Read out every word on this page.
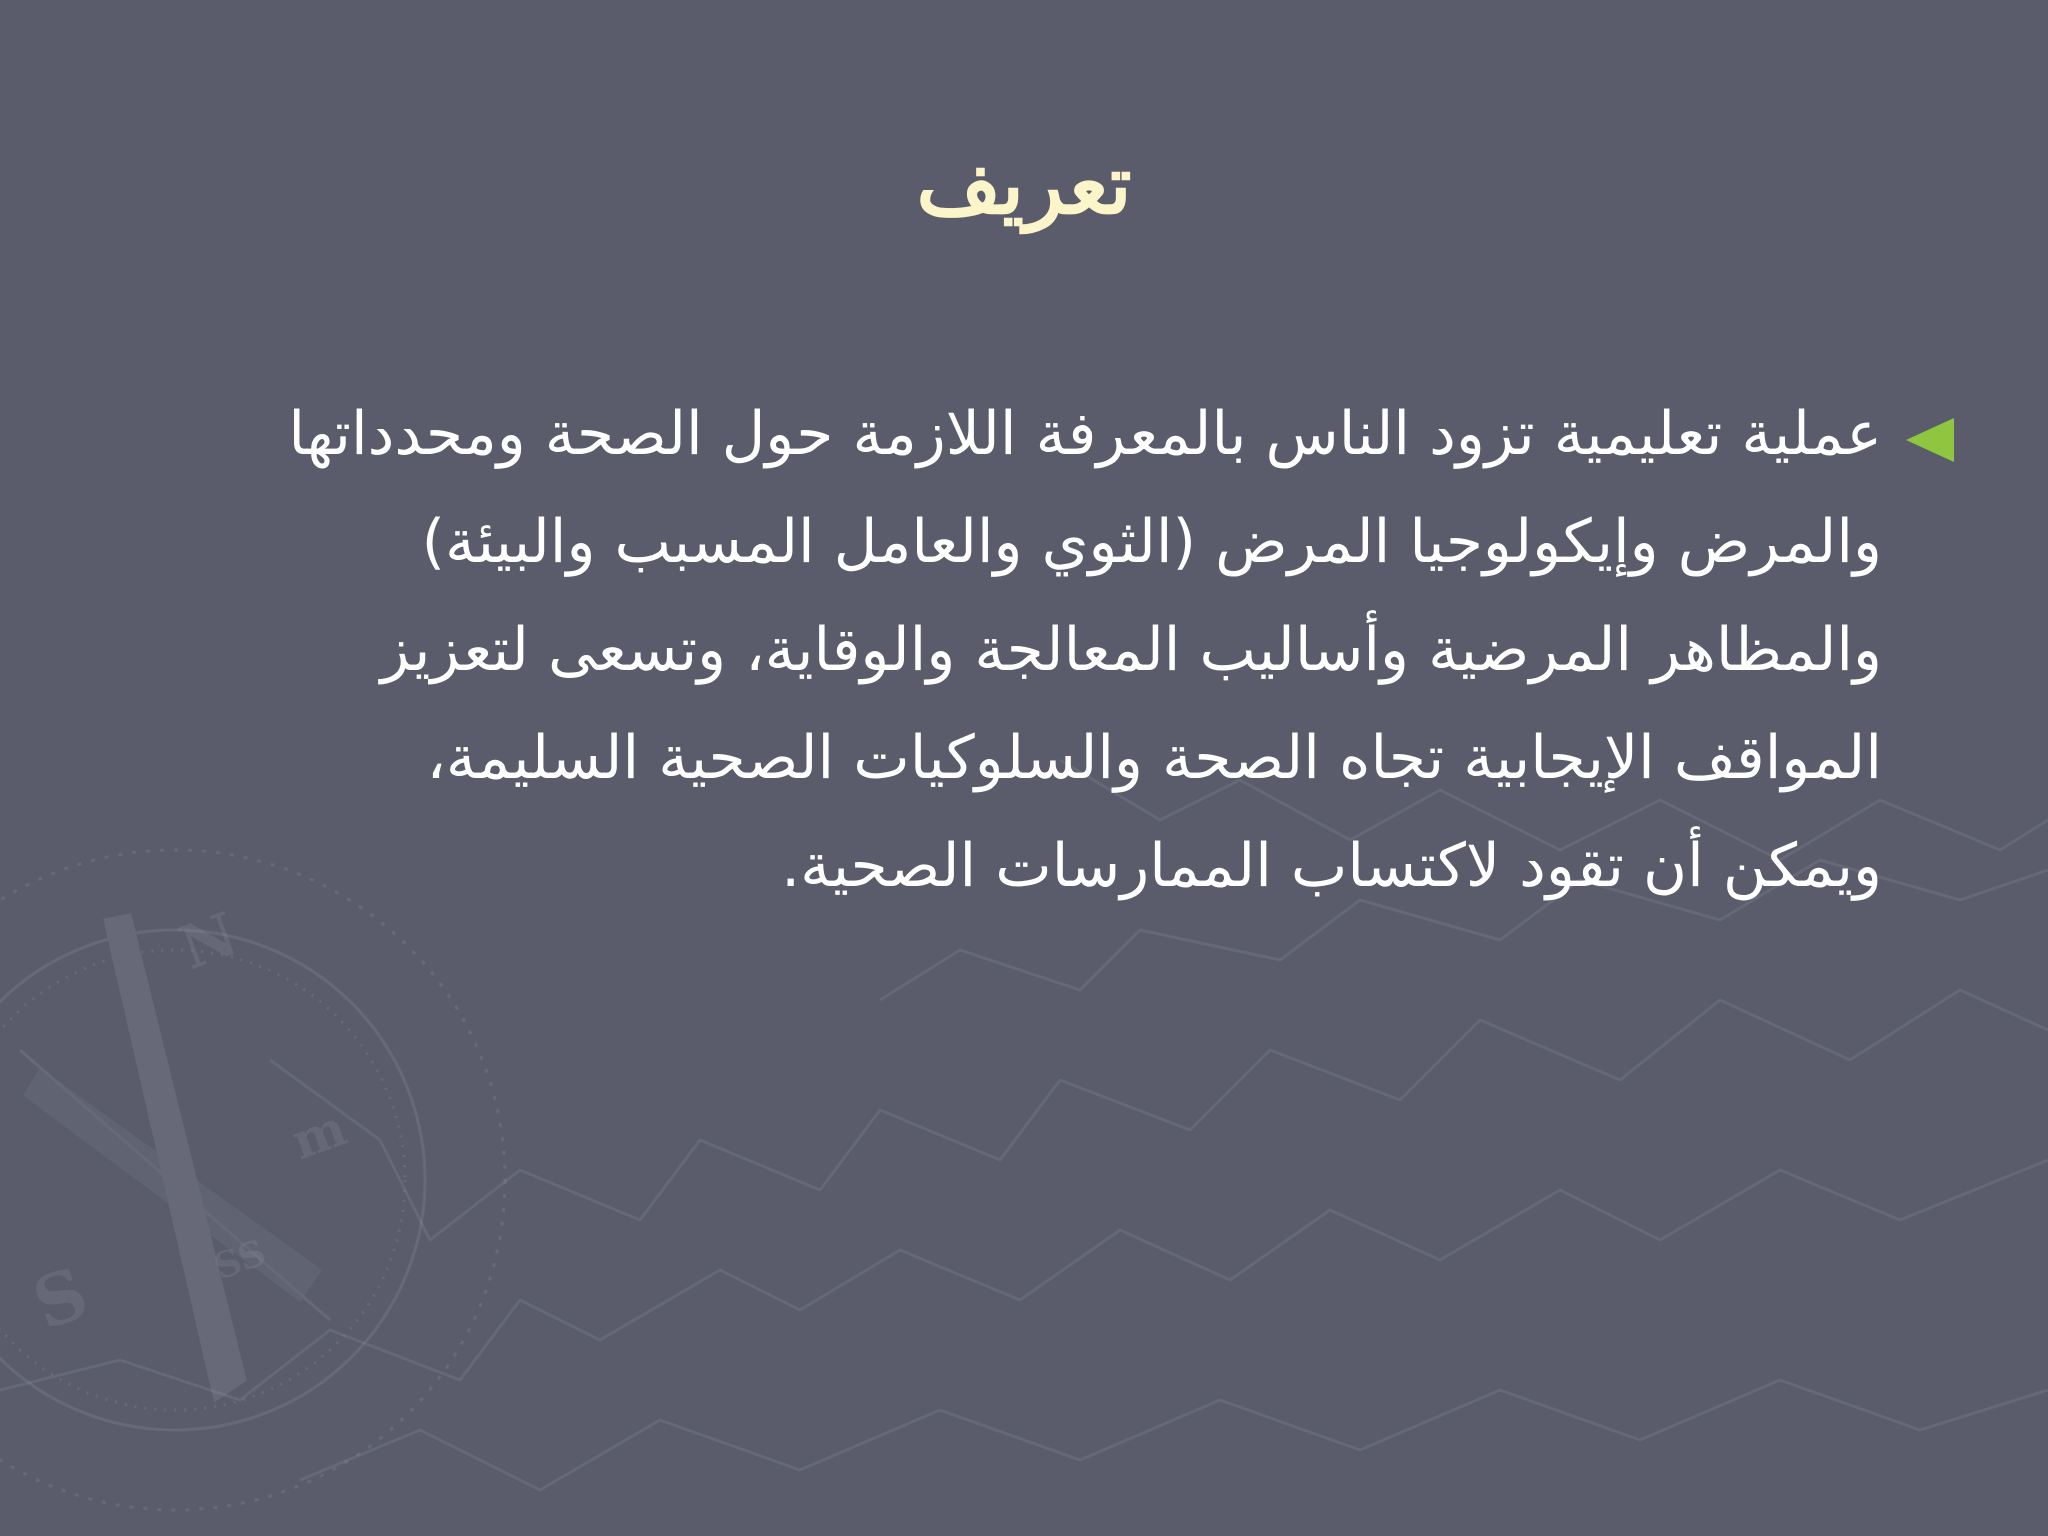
N
S
m
SS
تعريف

عملية تعليمية تزود الناس بالمعرفة اللازمة حول الصحة ومحدداتها والمرض وإيكولوجيا المرض (الثوي والعامل المسبب والبيئة) والمظاهر المرضية وأساليب المعالجة والوقاية، وتسعى لتعزيز المواقف الإيجابية تجاه الصحة والسلوكيات الصحية السليمة، ويمكن أن تقود لاكتساب الممارسات الصحية.
